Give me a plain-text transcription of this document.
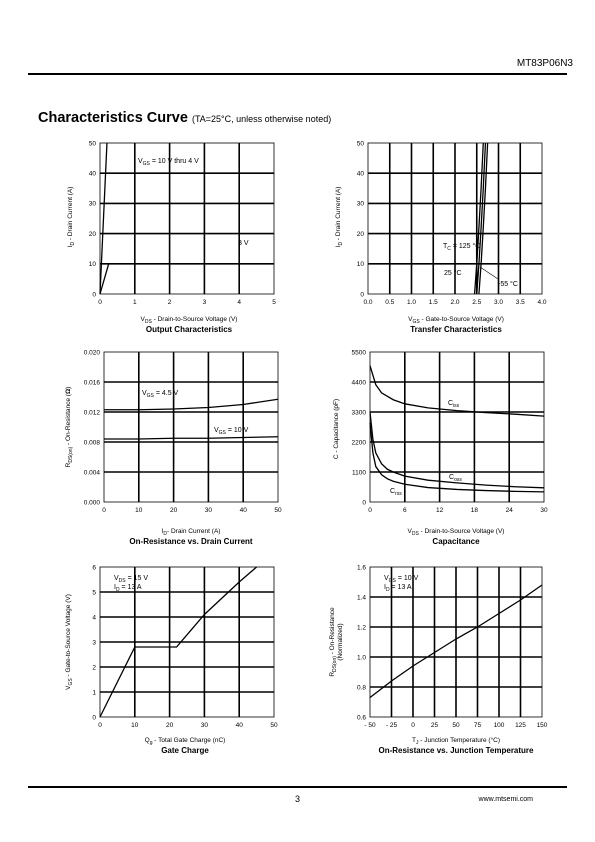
MT83P06N3
Characteristics Curve (TA=25°C, unless otherwise noted)
0	1	2	3	4	5
0
10
20
30
40
50
$V_{GS} = 10$ V thru 4 V
3 V
$I_D$ - Drain Current (A)
$V_{DS}$ - Drain-to-Source Voltage (V)
Output Characteristics
0.0 0.5 1.0 1.5 2.0 2.5 3.0 3.5 4.0
0
10
20
30
40
50
$T_C = 125$ °C
25 °C
-55 °C
$I_D$ - Drain Current (A)
$V_{GS}$ - Gate-to-Source Voltage (V)
Transfer Characteristics
0	10	20	30	40	50
0.000
0.004
0.008
0.012
0.016
0.020
$V_{GS} = 4.5$ V
$V_{GS} = 10$ V
$R_{DS(on)}$ - On-Resistance (Ω)
$I_D-$ Drain Current (A)
On-Resistance vs. Drain Current
0	6	12	18	24	30
0
1100
2200
3300
4400
5500
$C_{iss}$
$C_{oss}$
$C_{rss}$
C - Capacitance (pF)
$V_{DS}$ - Drain-to-Source Voltage (V)
Capacitance
0	10	20	30	40	50
0
1
2
3
4
5
6
$V_{DS} = 15$ V
$I_D = 13$ A
$V_{GS}$ - Gate-to-Source Voltage (V)
$Q_g$ - Total Gate Charge (nC)
Gate Charge
- 50 - 25 0 25 50 75 100 125 150
0.6
0.8
1.0
1.2
1.4
1.6
$V_{GS} = 10$ V
$I_D = 13$ A
$R_{DS(on)}$ - On-Resistance (Normalized)
$T_J$ - Junction Temperature (°C)
On-Resistance vs. Junction Temperature
3	www.mtsemi.com
